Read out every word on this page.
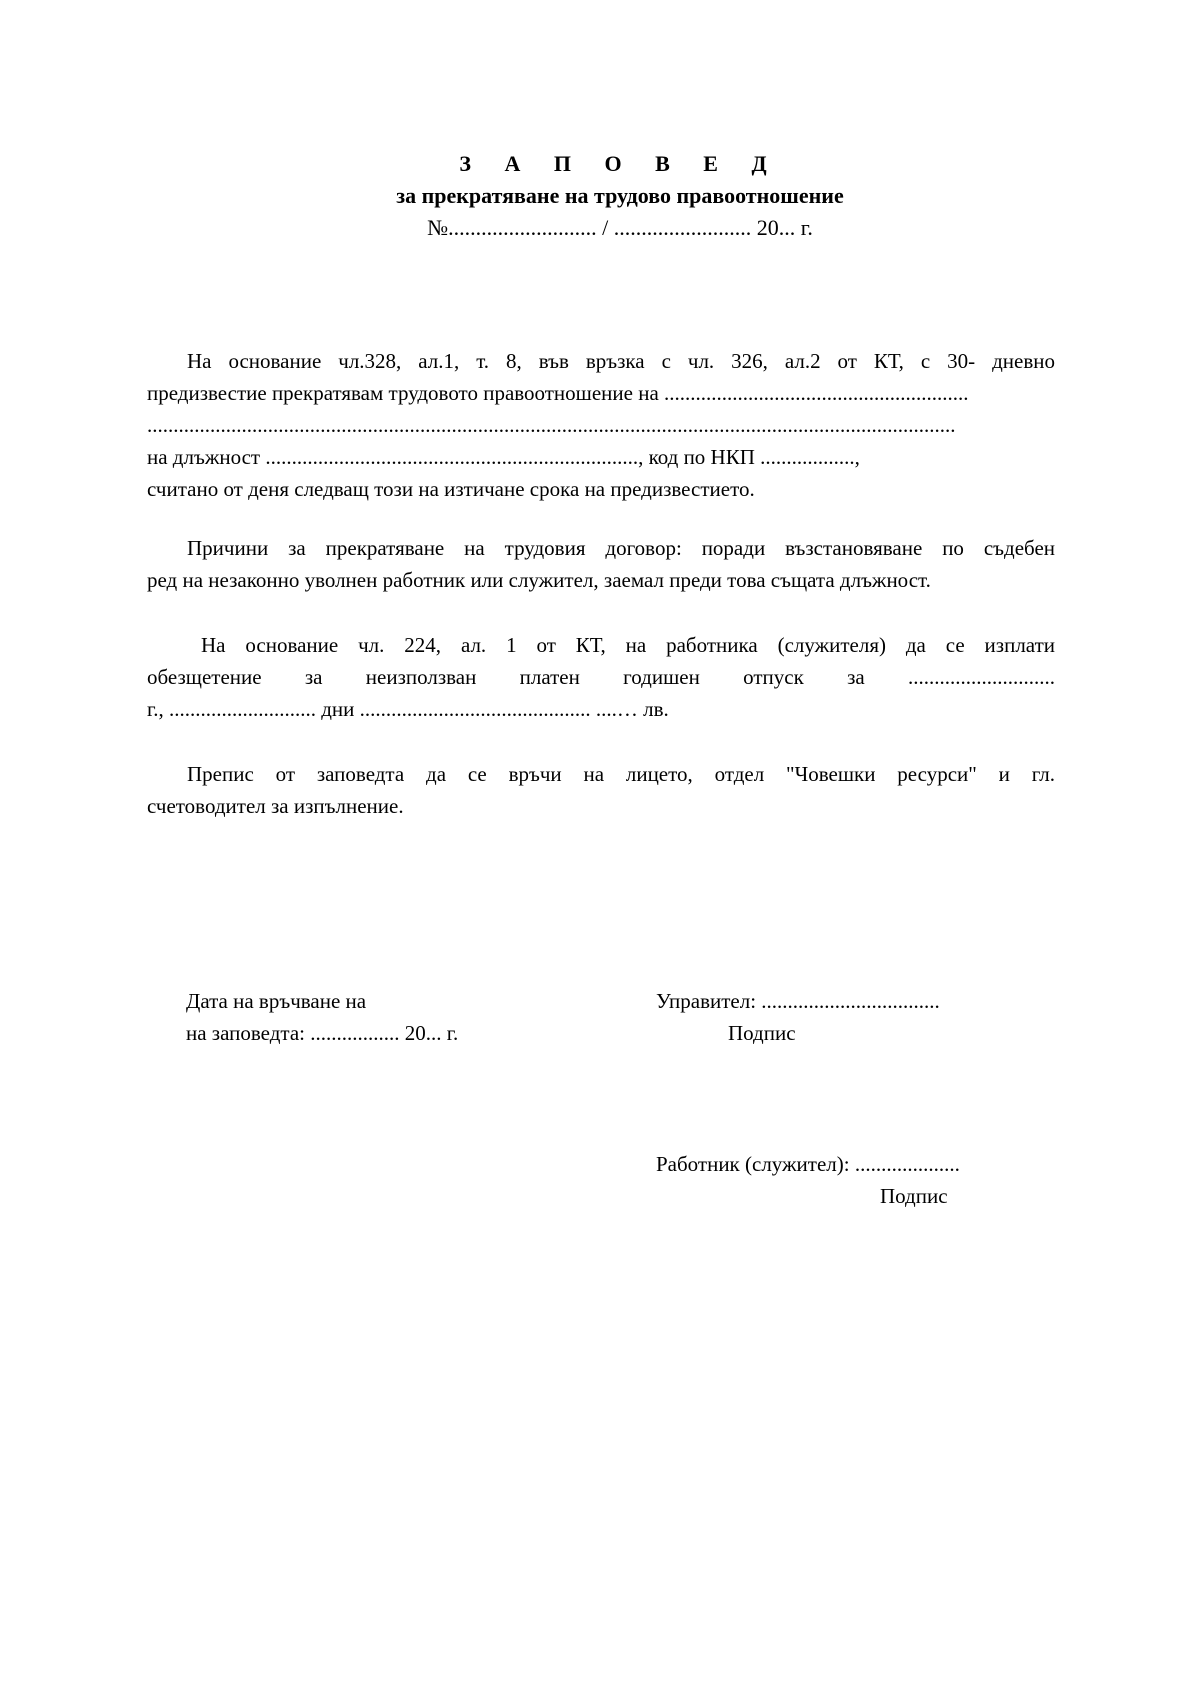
З А П О В Е Д
за прекратяване на трудово правоотношение
№........................... / ......................... 20... г.
На основание чл.328, ал.1, т. 8, във връзка с чл. 326, ал.2 от КТ, с 30- дневно
предизвестие прекратявам трудовото правоотношение на ..........................................................
..........................................................................................................................................................
на длъжност ......................................................................., код по НКП ..................,
считано от деня следващ този на изтичане срока на предизвестието.
Причини за прекратяване на трудовия договор: поради възстановяване по съдебен
ред на незаконно уволнен работник или служител, заемал преди това същата длъжност.
На основание чл. 224, ал. 1 от КТ, на работника (служителя) да се изплати
обезщетение за неизползван платен годишен отпуск за ............................
г., ............................ дни ............................................ ....… лв.
Препис от заповедта да се връчи на лицето, отдел "Човешки ресурси" и гл.
счетоводител за изпълнение.
Дата на връчване на
на заповедта: ................. 20... г.
Управител: ..................................
Подпис
Работник (служител): ....................
Подпис
